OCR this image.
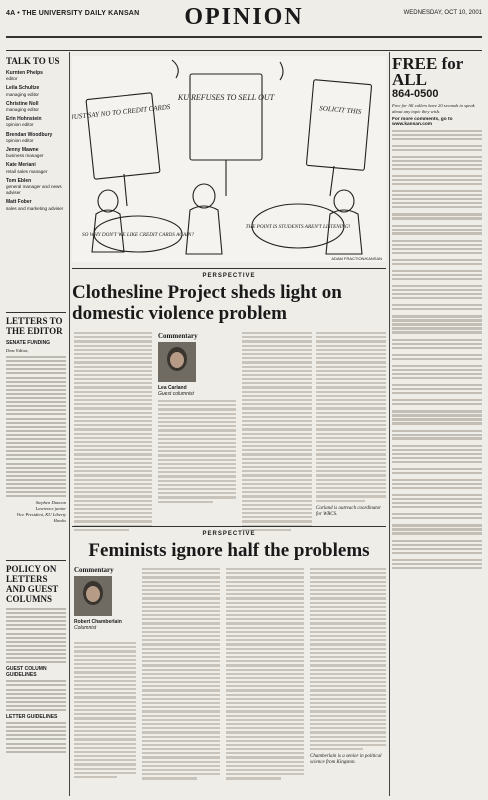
4A • THE UNIVERSITY DAILY KANSAN	OPINION	WEDNESDAY, OCT 10, 2001
TALK TO US
Kurnten Phelps
editor
Leila Schultze
managing editor
Christine Noll
managing editor
Erin Hohnstein
opinion editor
Brendan Woodbury
opinion editor
Jenny Mawne
business manager
Kate Meriani
retail sales manager
Tom Eblen
general manager and news adviser
Matt Fober
sales and marketing adviser
LETTERS TO THE EDITOR
SENATE FUNDING
Dear Editor,
Stephen Duncan
Lawrence junior
Vice President, KU Liberty Hawks
POLICY ON LETTERS AND GUEST COLUMNS
GUEST COLUMN GUIDELINES
LETTER GUIDELINES
JUST SAY NO TO CREDIT CARDS
KU REFUSES TO SELL OUT
SOLICIT THIS
SO WHY DON'T WE LIKE CREDIT CARDS AGAIN?
THE POINT IS STUDENTS AREN'T LISTENING!
ADAM FRACTION/KANSAN
FREE for ALL
864-0500
Free for All callers have 20 seconds to speak about any topic they wish.
For more comments, go to www.kansan.com
PERSPECTIVE
Clothesline Project sheds light on domestic violence problem
Commentary
Lea Carland
Guest columnist
Carland is outreach coordinator for WRCS.
PERSPECTIVE
Feminists ignore half the problems
Commentary
Robert Chamberlain
Columnist
Chamberlain is a senior in political science from Kingston.
